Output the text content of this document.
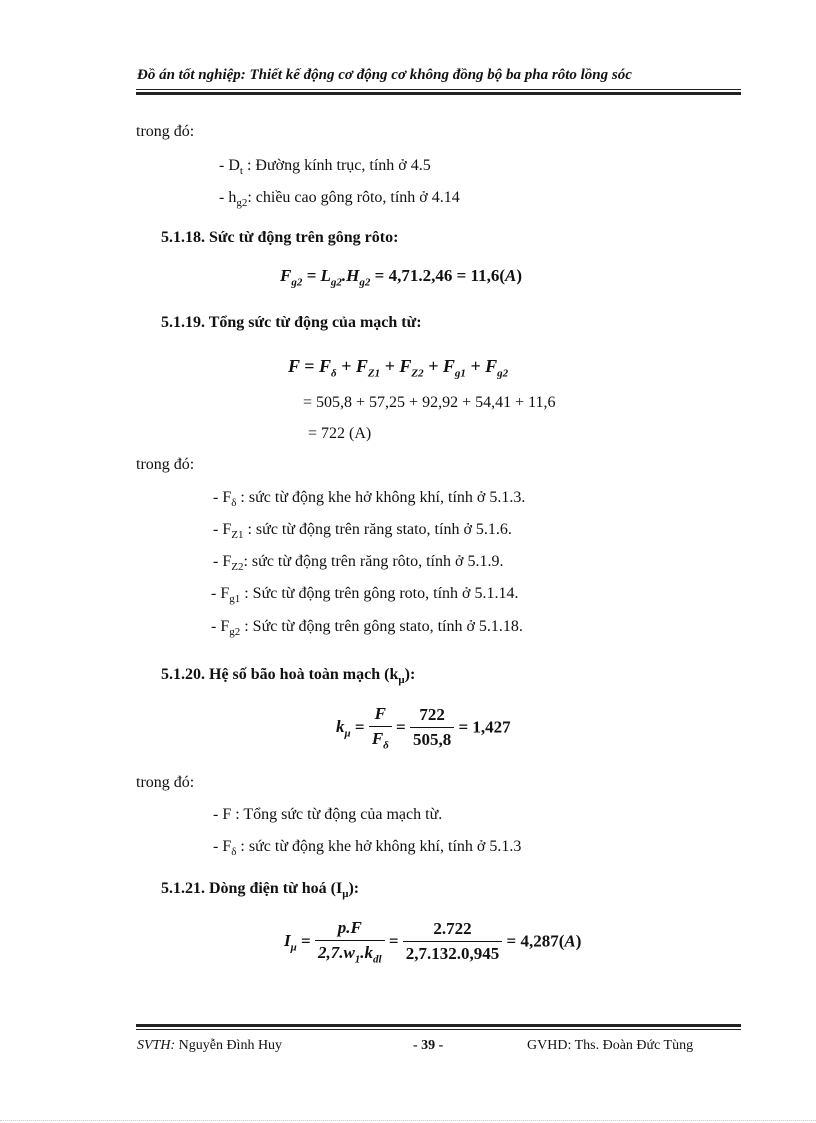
Đồ án tốt nghiệp: Thiết kế động cơ động cơ không đồng bộ ba pha rôto lồng sóc
trong đó:
- $D_t$ : Đường kính trục, tính ở 4.5
- $h_{g2}$: chiều cao gông rôto, tính ở 4.14
5.1.18. Sức từ động trên gông rôto:
$F_{g2} = L_{g2}.H_{g2} = 4,71.2,46 = 11,6(A)$
5.1.19. Tổng sức từ động của mạch từ:
$F = F_\delta + F_{Z1} + F_{Z2} + F_{g1} + F_{g2}$
= 505,8 + 57,25 + 92,92 + 54,41 + 11,6
= 722 (A)
trong đó:
- $F_\delta$ : sức từ động khe hở không khí, tính ở 5.1.3.
- $F_{Z1}$ : sức từ động trên răng stato, tính ở 5.1.6.
- $F_{Z2}$: sức từ động trên răng rôto, tính ở 5.1.9.
- $F_{g1}$ : Sức từ động trên gông roto, tính ở 5.1.14.
- $F_{g2}$ : Sức từ động trên gông stato, tính ở 5.1.18.
5.1.20. Hệ số bão hoà toàn mạch $(k_\mu)$:
$k_\mu = \frac{F}{F_\delta} = \frac{722}{505,8} = 1,427$
trong đó:
- F : Tổng sức từ động của mạch từ.
- $F_\delta$ : sức từ động khe hở không khí, tính ở 5.1.3
5.1.21. Dòng điện từ hoá $(I_\mu)$:
$I_\mu = \frac{p.F}{2,7.w_1.k_{dl}} = \frac{2.722}{2,7.132.0,945} = 4,287(A)$
SVTH: Nguyễn Đình Huy	- 39 -	GVHD: Ths. Đoàn Đức Tùng
